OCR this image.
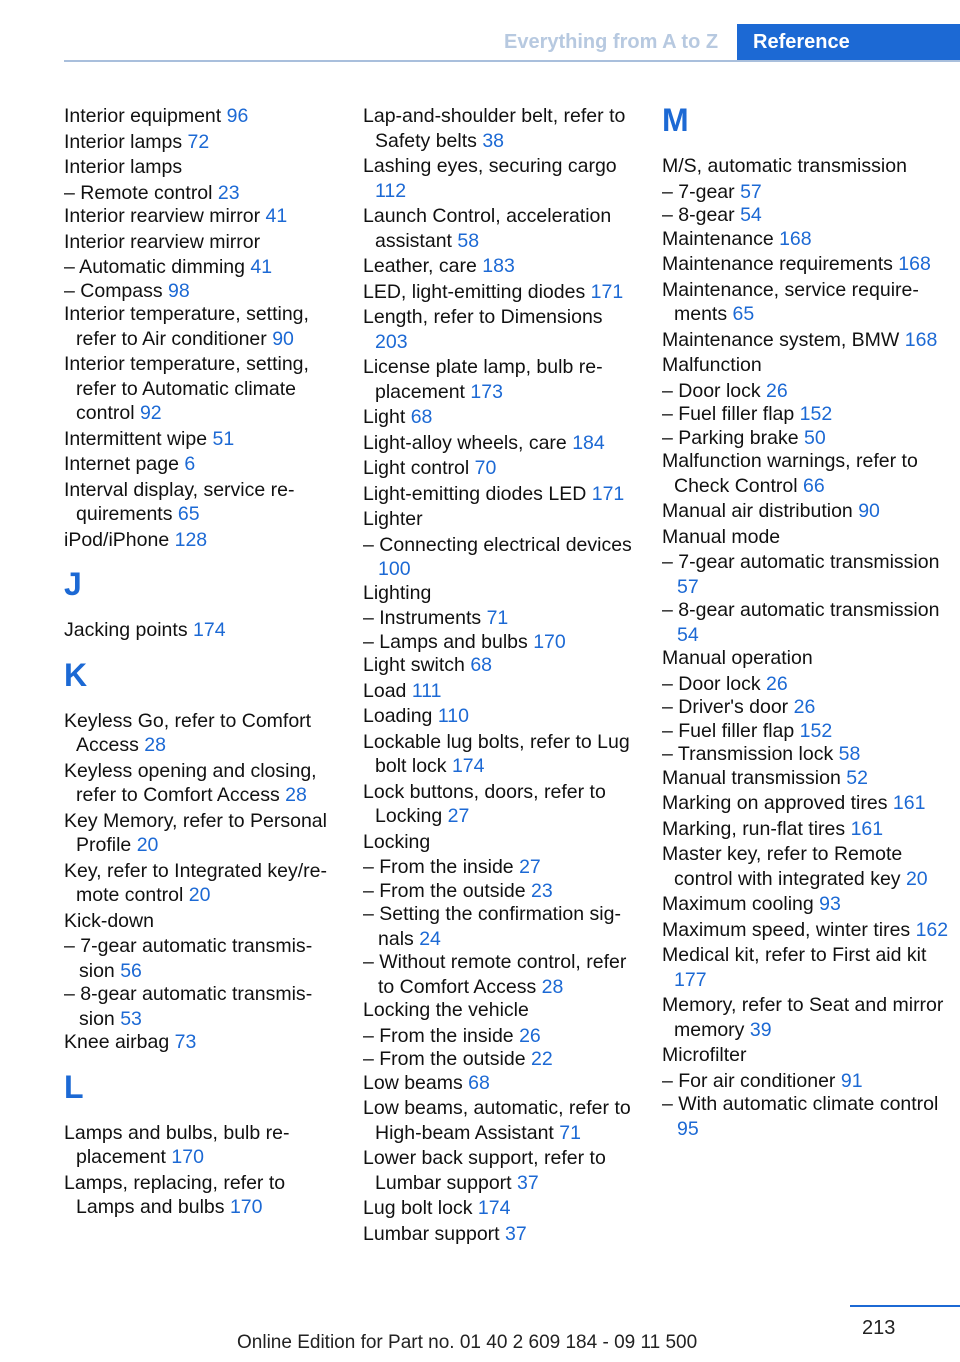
Everything from A to Z	Reference
Interior equipment 96
Interior lamps 72
Interior lamps
– Remote control 23
Interior rearview mirror 41
Interior rearview mirror
– Automatic dimming 41
– Compass 98
Interior temperature, setting, refer to Air conditioner 90
Interior temperature, setting, refer to Automatic climate control 92
Intermittent wipe 51
Internet page 6
Interval display, service requirements 65
iPod/iPhone 128
J
Jacking points 174
K
Keyless Go, refer to Comfort Access 28
Keyless opening and closing, refer to Comfort Access 28
Key Memory, refer to Personal Profile 20
Key, refer to Integrated key/remote control 20
Kick-down
– 7-gear automatic transmission 56
– 8-gear automatic transmission 53
Knee airbag 73
L
Lamps and bulbs, bulb replacement 170
Lamps, replacing, refer to Lamps and bulbs 170
Lap-and-shoulder belt, refer to Safety belts 38
Lashing eyes, securing cargo 112
Launch Control, acceleration assistant 58
Leather, care 183
LED, light-emitting diodes 171
Length, refer to Dimensions 203
License plate lamp, bulb replacement 173
Light 68
Light-alloy wheels, care 184
Light control 70
Light-emitting diodes LED 171
Lighter
– Connecting electrical devices 100
Lighting
– Instruments 71
– Lamps and bulbs 170
Light switch 68
Load 111
Loading 110
Lockable lug bolts, refer to Lug bolt lock 174
Lock buttons, doors, refer to Locking 27
Locking
– From the inside 27
– From the outside 23
– Setting the confirmation signals 24
– Without remote control, refer to Comfort Access 28
Locking the vehicle
– From the inside 26
– From the outside 22
Low beams 68
Low beams, automatic, refer to High-beam Assistant 71
Lower back support, refer to Lumbar support 37
Lug bolt lock 174
Lumbar support 37
M
M/S, automatic transmission
– 7-gear 57
– 8-gear 54
Maintenance 168
Maintenance requirements 168
Maintenance, service requirements 65
Maintenance system, BMW 168
Malfunction
– Door lock 26
– Fuel filler flap 152
– Parking brake 50
Malfunction warnings, refer to Check Control 66
Manual air distribution 90
Manual mode
– 7-gear automatic transmission 57
– 8-gear automatic transmission 54
Manual operation
– Door lock 26
– Driver's door 26
– Fuel filler flap 152
– Transmission lock 58
Manual transmission 52
Marking on approved tires 161
Marking, run-flat tires 161
Master key, refer to Remote control with integrated key 20
Maximum cooling 93
Maximum speed, winter tires 162
Medical kit, refer to First aid kit 177
Memory, refer to Seat and mirror memory 39
Microfilter
– For air conditioner 91
– With automatic climate control 95
213
Online Edition for Part no. 01 40 2 609 184 - 09 11 500
